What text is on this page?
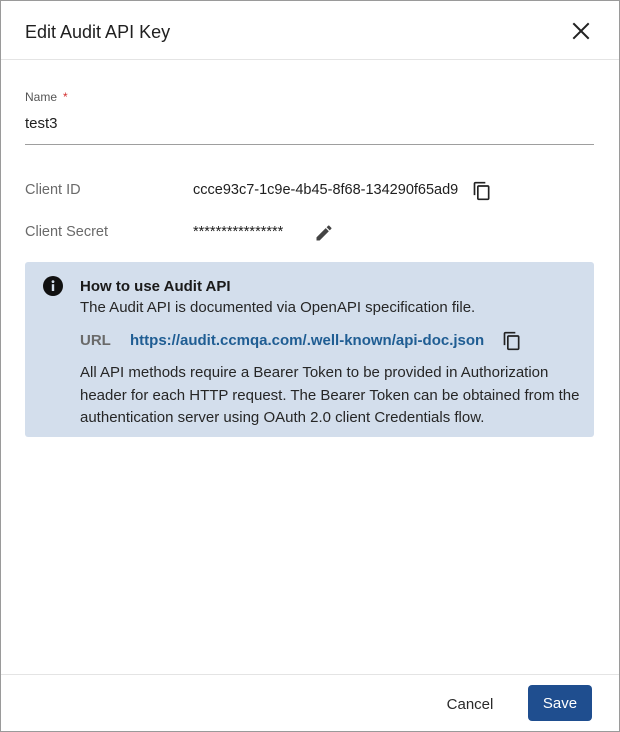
Edit Audit API Key
Name *
test3
Client ID	ccce93c7-1c9e-4b45-8f68-134290f65ad9
Client Secret	****************
How to use Audit API
The Audit API is documented via OpenAPI specification file.
URL https://audit.ccmqa.com/.well-known/api-doc.json
All API methods require a Bearer Token to be provided in Authorization header for each HTTP request. The Bearer Token can be obtained from the authentication server using OAuth 2.0 client Credentials flow.
Cancel	Save
